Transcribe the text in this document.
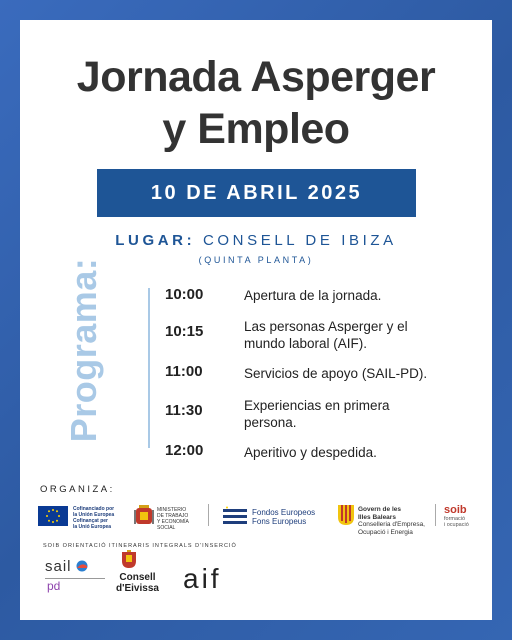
Jornada Asperger
y Empleo
10 DE ABRIL 2025
LUGAR: CONSELL DE IBIZA
(QUINTA PLANTA)
Programa:	10:00	Apertura de la jornada.
10:15	Las personas Asperger y el mundo laboral (AIF).
11:00	Servicios de apoyo (SAIL-PD).
11:30	Experiencias en primera persona.
12:00	Aperitivo y despedida.
ORGANIZA:
Cofinanciado por
la Unión Europea
Cofinançat per
la Unió Europea
MINISTERIO
DE TRABAJO
Y ECONOMÍA SOCIAL
Fondos Europeos
Fons Europeus
Govern de les
Illes Balears
Conselleria d'Empresa,
Ocupació i Energia
soib
formació
i ocupació
SOIB ORIENTACIÓ ITINERARIS INTEGRALS D'INSERCIÓ
sail
pd
Consell
d'Eivissa aif
